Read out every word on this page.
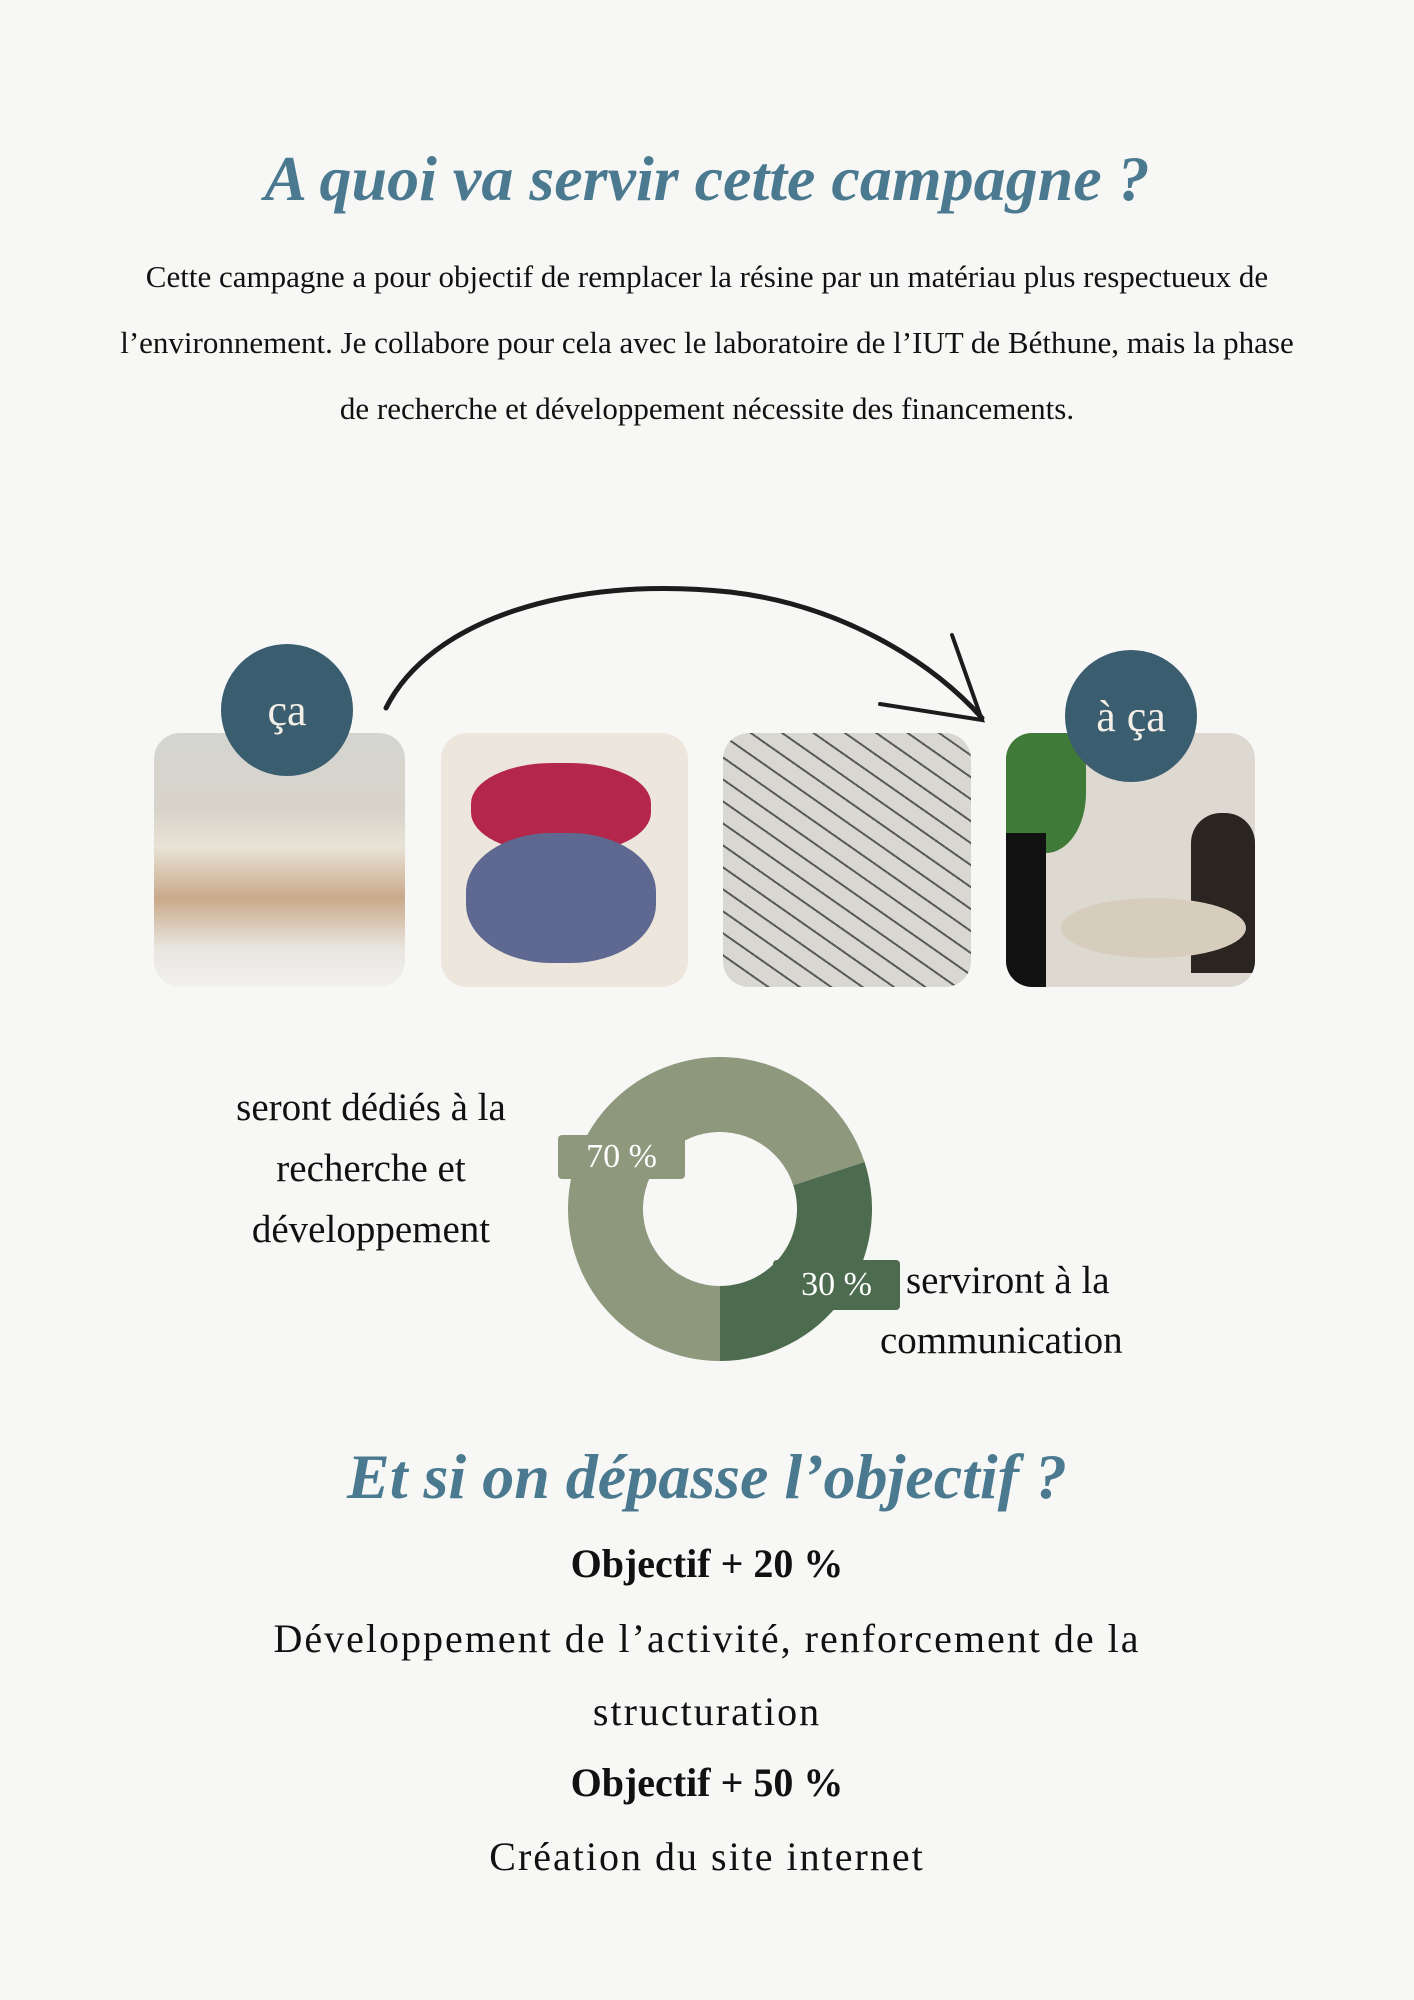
A quoi va servir cette campagne ?
Cette campagne a pour objectif de remplacer la résine par un matériau plus respectueux de l’environnement. Je collabore pour cela avec le laboratoire de l’IUT de Béthune, mais la phase de recherche et développement nécessite des financements.
ça	à ça
seront dédiés à la recherche et développement
70 %
30 % serviront à la
communication
Et si on dépasse l’objectif ?
Objectif + 20 %
Développement de l’activité, renforcement de la structuration
Objectif + 50 %
Création du site internet
